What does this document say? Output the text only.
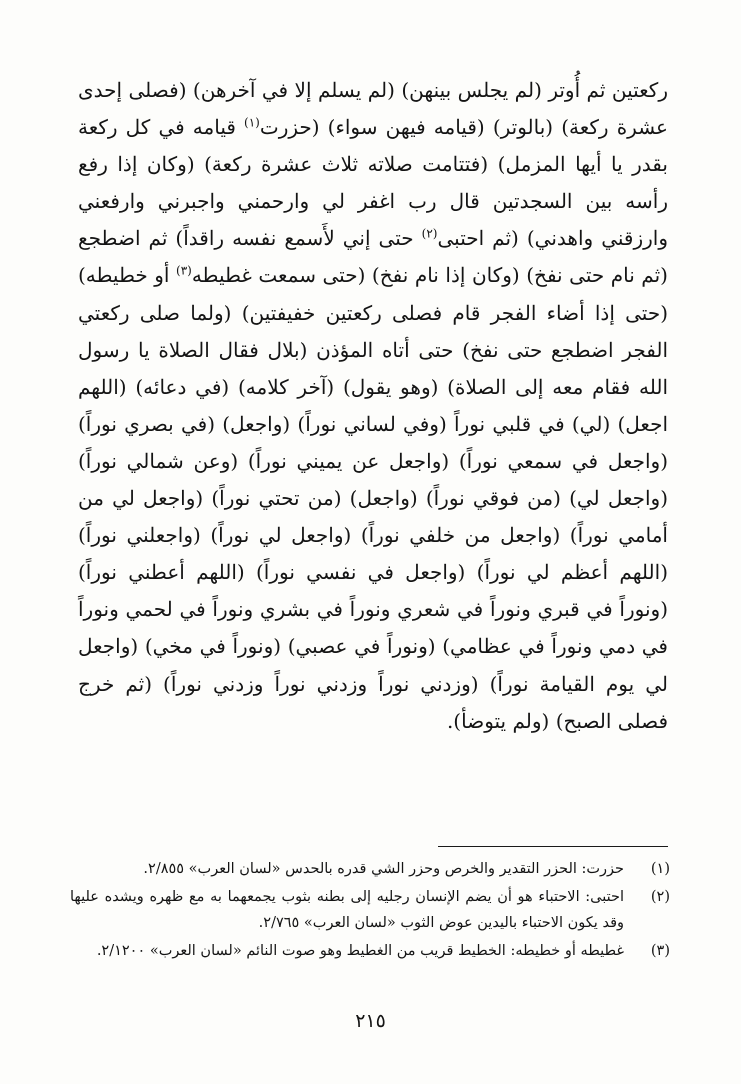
ركعتين ثم أُوتر (لم يجلس بينهن) (لم يسلم إلا في آخرهن) (فصلى إحدى عشرة ركعة) (بالوتر) (قيامه فيهن سواء) (حزرت$^{(١)}$ قيامه في كل ركعة بقدر يا أيها المزمل) (فتتامت صلاته ثلاث عشرة ركعة) (وكان إذا رفع رأسه بين السجدتين قال رب اغفر لي وارحمني واجبرني وارفعني وارزقني واهدني) (ثم احتبى$^{(٢)}$ حتى إني لأَسمع نفسه راقداً) ثم اضطجع (ثم نام حتى نفخ) (وكان إذا نام نفخ) (حتى سمعت غطيطه$^{(٣)}$ أو خطيطه) (حتى إذا أضاء الفجر قام فصلى ركعتين خفيفتين) (ولما صلى ركعتي الفجر اضطجع حتى نفخ) حتى أتاه المؤذن (بلال فقال الصلاة يا رسول الله فقام معه إلى الصلاة) (وهو يقول) (آخر كلامه) (في دعائه) (اللهم اجعل) (لي) في قلبي نوراً (وفي لساني نوراً) (واجعل) (في بصري نوراً) (واجعل في سمعي نوراً) (واجعل عن يميني نوراً) (وعن شمالي نوراً) (واجعل لي) (من فوقي نوراً) (واجعل) (من تحتي نوراً) (واجعل لي من أمامي نوراً) (واجعل من خلفي نوراً) (واجعل لي نوراً) (واجعلني نوراً) (اللهم أعظم لي نوراً) (واجعل في نفسي نوراً) (اللهم أعطني نوراً) (ونوراً في قبري ونوراً في شعري ونوراً في بشري ونوراً في لحمي ونوراً في دمي ونوراً في عظامي) (ونوراً في عصبي) (ونوراً في مخي) (واجعل لي يوم القيامة نوراً) (وزدني نوراً وزدني نوراً وزدني نوراً) (ثم خرج فصلى الصبح) (ولم يتوضأ).

(١)
حزرت: الحزر التقدير والخرص وحزر الشي قدره بالحدس «لسان العرب» ٢/٨٥٥.
(٢)
احتبى: الاحتباء هو أن يضم الإنسان رجليه إلى بطنه بثوب يجمعهما به مع ظهره ويشده عليها وقد يكون الاحتباء باليدين عوض الثوب «لسان العرب» ٢/٧٦٥.
(٣)
غطيطه أو خطيطه: الخطيط قريب من الغطيط وهو صوت النائم «لسان العرب» ٢/١٢٠٠.
٢١٥
